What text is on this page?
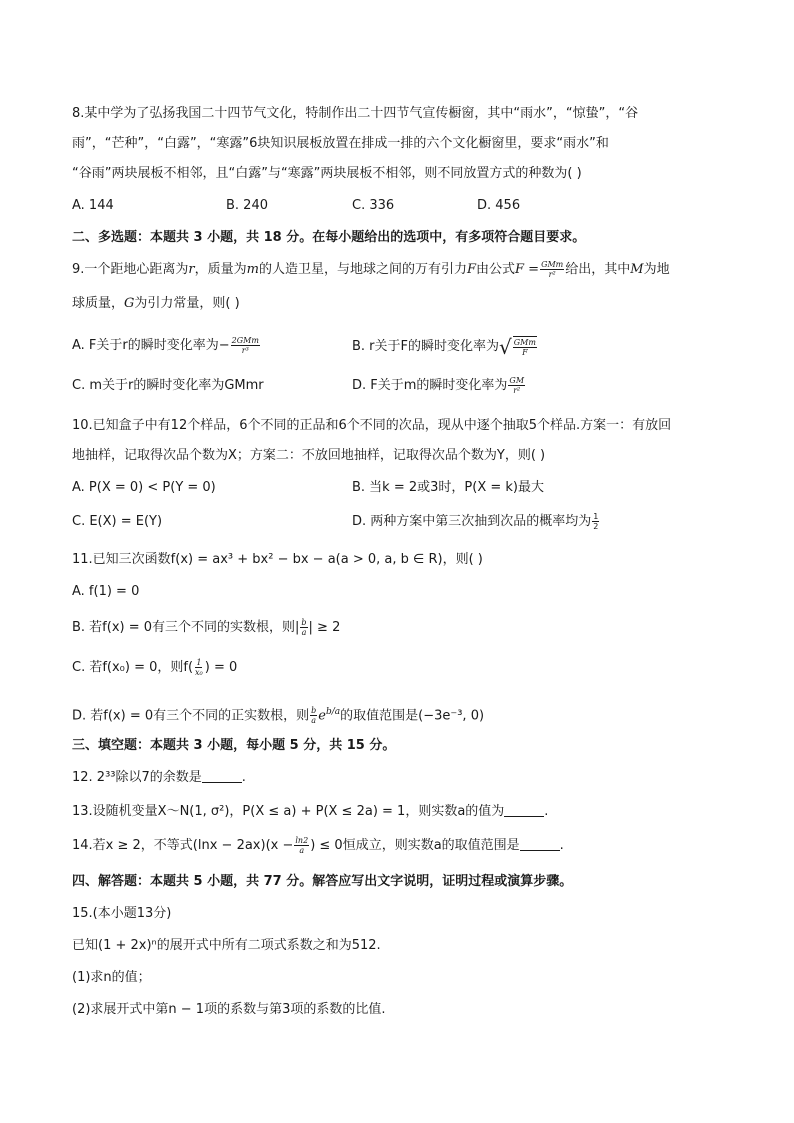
8.某中学为了弘扬我国二十四节气文化，特制作出二十四节气宣传橱窗，其中“雨水”，“惊蛰”，“谷
雨”，“芒种”，“白露”，“寒露”6块知识展板放置在排成一排的六个文化橱窗里，要求“雨水”和
“谷雨”两块展板不相邻，且“白露”与“寒露”两块展板不相邻，则不同放置方式的种数为( )
A. 144	B. 240	C. 336	D. 456
二、多选题：本题共 3 小题，共 18 分。在每小题给出的选项中，有多项符合题目要求。
9.一个距地心距离为r，质量为m的人造卫星，与地球之间的万有引力F由公式$F = \frac{\text{GMm}}{\text{r²}}$ 给出，其中M为地
球质量，G为引力常量，则( )
A. F关于r的瞬时变化率为− $\frac{\text{2GMm}}{\text{r³}}$	B. r关于F的瞬时变化率为 √ $\frac{\text{GMm}}{F}$
C. m关于r的瞬时变化率为GMmr	D. F关于m的瞬时变化率为 $\frac{GM}{\text{r²}}$
10.已知盒子中有12个样品，6个不同的正品和6个不同的次品，现从中逐个抽取5个样品.方案一：有放回
地抽样，记取得次品个数为X；方案二：不放回地抽样，记取得次品个数为Y，则( )
A. P(X = 0) < P(Y = 0)	B. 当k = 2或3时，P(X = k)最大
C. E(X) = E(Y)	D. 两种方案中第三次抽到次品的概率均为 $\frac{1}{2}$
11.已知三次函数f(x) = ax³ + bx² − bx − a(a > 0, a, b ∈ R)，则( )
A. f(1) = 0
B. 若f(x) = 0有三个不同的实数根，则| $\frac{b}{a}$ | ≥ 2
C. 若f(x₀) = 0，则$f( \frac{1}{\text{x₀}}$ ) = 0
D. 若f(x) = 0有三个不同的正实数根，则 $\frac{b}{a} e^{b/a}$的取值范围是(−3e⁻³, 0)
三、填空题：本题共 3 小题，每小题 5 分，共 15 分。
12. 2³³除以7的余数是	.
13.设随机变量X～N(1, σ²)，P(X ≤ a) + P(X ≤ 2a) = 1，则实数a的值为	.
14.若x ≥ 2，不等式$(\ln x - 2ax)(x - \frac{\ln 2}{a}$ ) ≤ 0恒成立，则实数a的取值范围是	.
四、解答题：本题共 5 小题，共 77 分。解答应写出文字说明，证明过程或演算步骤。
15.(本小题13分)
已知(1 + 2x)ⁿ的展开式中所有二项式系数之和为512.
(1)求n的值；
(2)求展开式中第n − 1项的系数与第3项的系数的比值.
